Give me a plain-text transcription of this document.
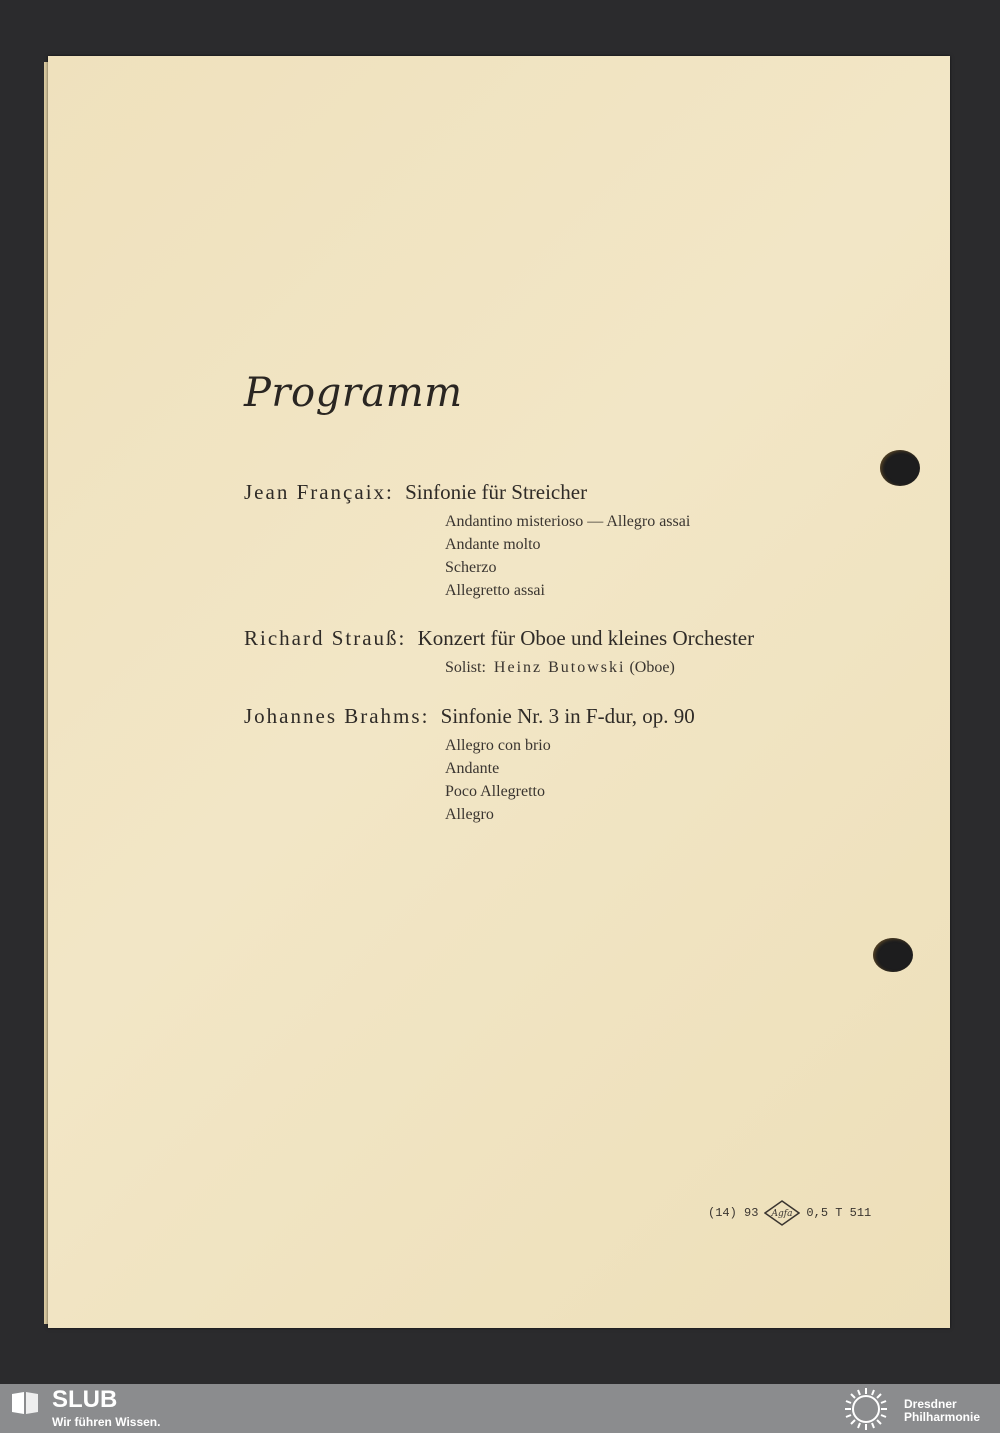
Programm
Jean Françaix: Sinfonie für Streicher
Andantino misterioso — Allegro assai
Andante molto
Scherzo
Allegretto assai
Richard Strauß: Konzert für Oboe und kleines Orchester
Solist: Heinz Butowski (Oboe)
Johannes Brahms: Sinfonie Nr. 3 in F-dur, op. 90
Allegro con brio
Andante
Poco Allegretto
Allegro
(14) 93 Agfa 0,5 T 511
SLUB
Wir führen Wissen.
Dresdner
Philharmonie
